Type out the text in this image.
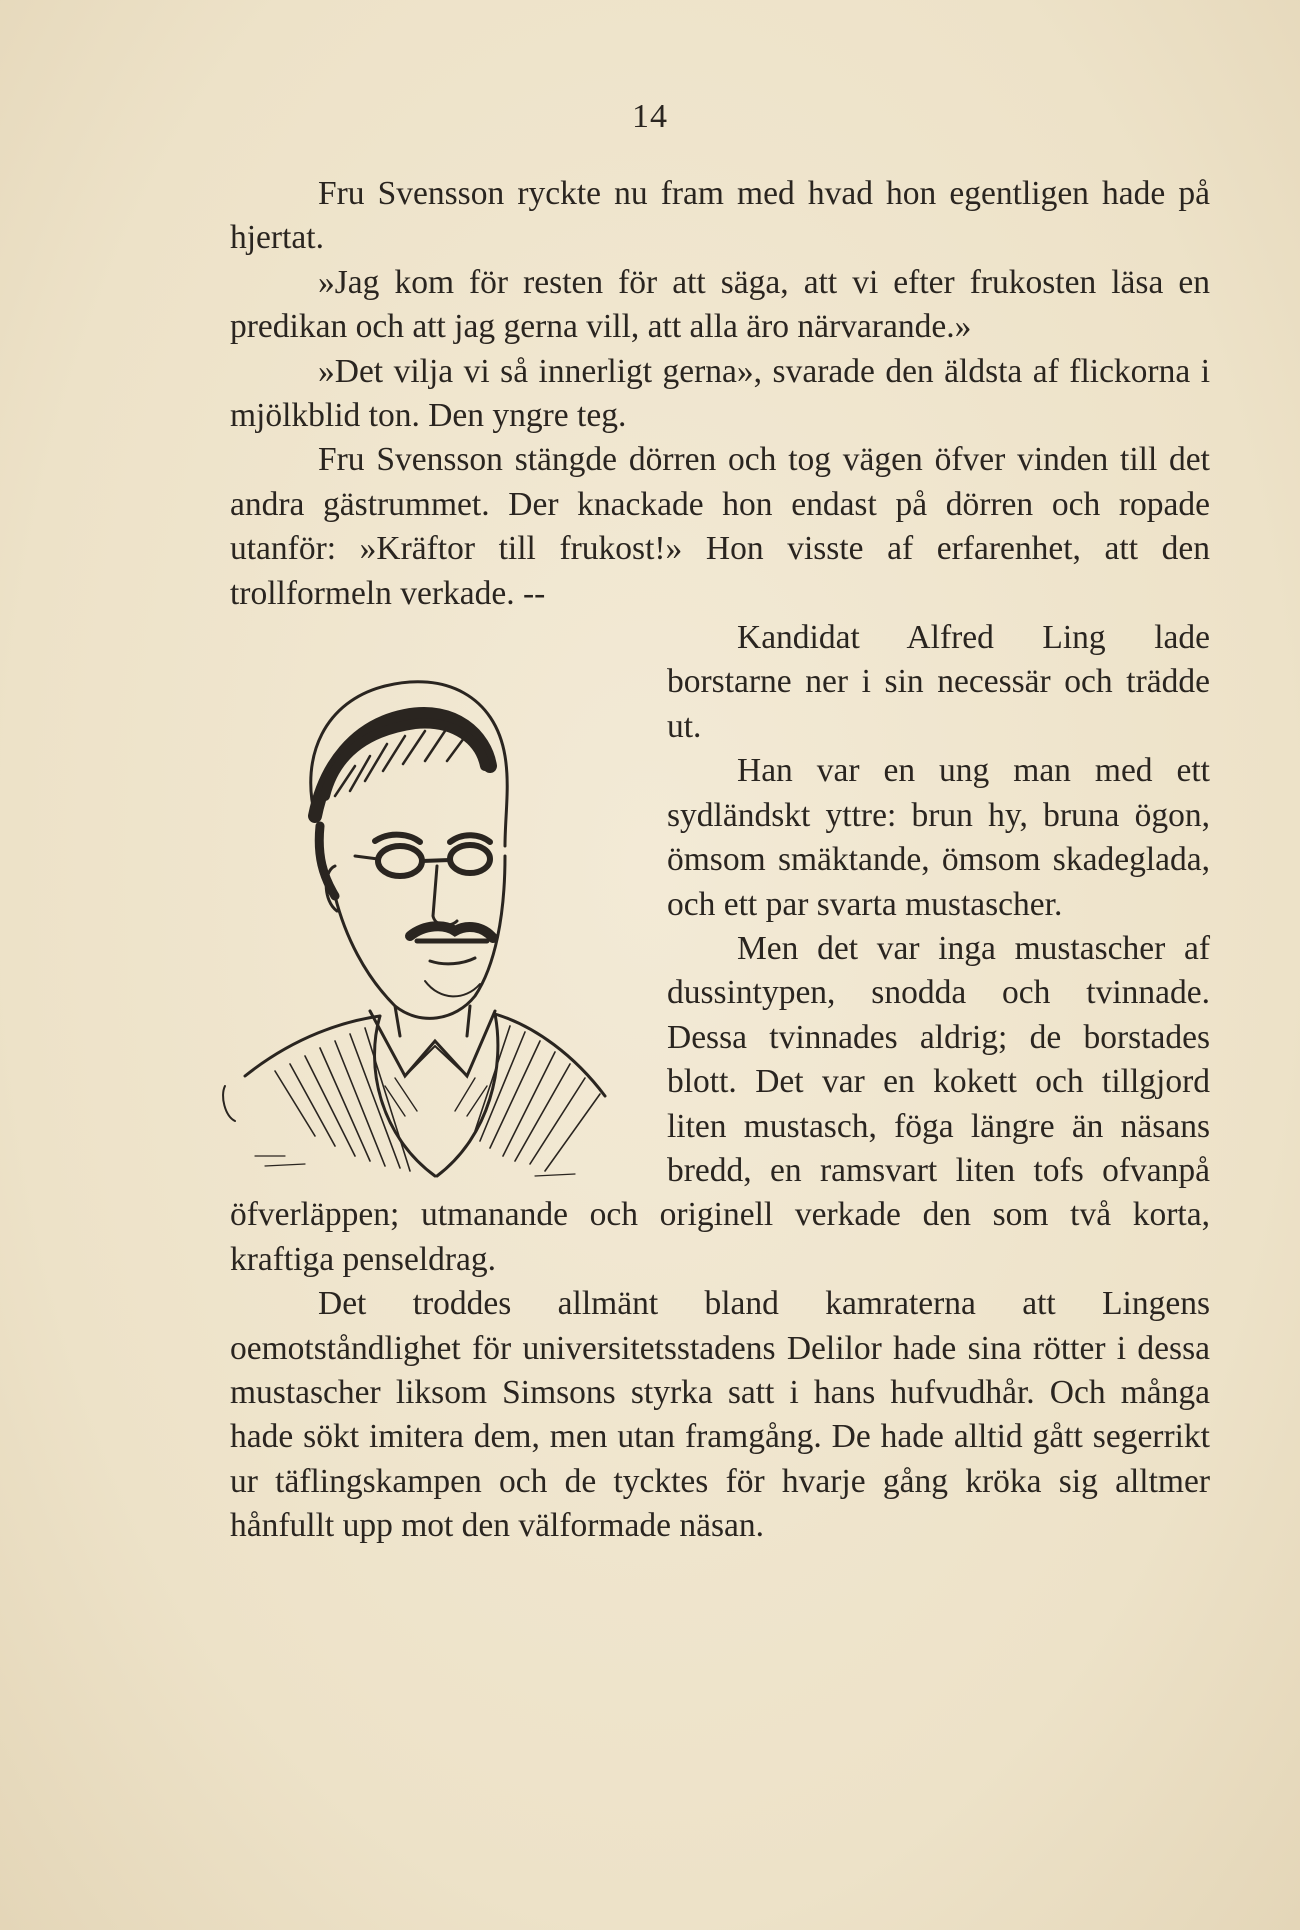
14

Fru Svensson ryckte nu fram med hvad hon egentligen hade på hjertat.

»Jag kom för resten för att säga, att vi efter frukosten läsa en predikan och att jag gerna vill, att alla äro närvarande.»

»Det vilja vi så innerligt gerna», svarade den äldsta af flickorna i mjölkblid ton. Den yngre teg.

Fru Svensson stängde dörren och tog vägen öfver vinden till det andra gästrummet. Der knackade hon endast på dörren och ropade utanför: »Kräftor till frukost!» Hon visste af erfarenhet, att den trollformeln verkade. --

Kandidat Alfred Ling lade borstarne ner i sin necessär och trädde ut.

Han var en ung man med ett sydländskt yttre: brun hy, bruna ögon, ömsom smäktande, ömsom skadeglada, och ett par svarta mustascher.

Men det var inga mustascher af dussintypen, snodda och tvinnade. Dessa tvinnades aldrig; de borstades blott. Det var en kokett och tillgjord liten mustasch, föga längre än näsans bredd, en ramsvart liten tofs ofvanpå öfverläppen; utmanande och originell verkade den som två korta, kraftiga penseldrag.

Det troddes allmänt bland kamraterna att Lingens oemotståndlighet för universitetsstadens Delilor hade sina rötter i dessa mustascher liksom Simsons styrka satt i hans hufvudhår. Och många hade sökt imitera dem, men utan framgång. De hade alltid gått segerrikt ur täflingskampen och de tycktes för hvarje gång kröka sig alltmer hånfullt upp mot den välformade näsan.
